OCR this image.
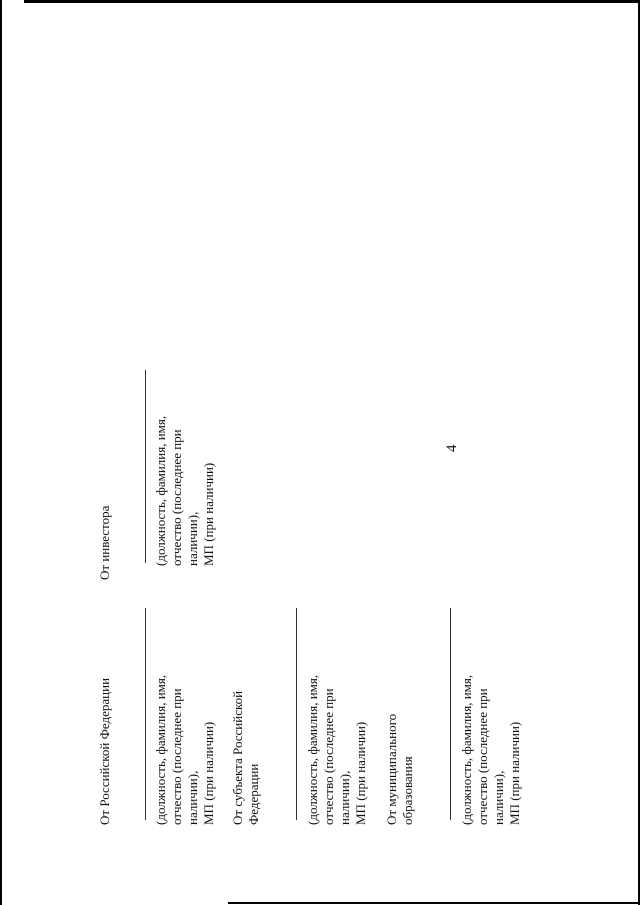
4
От инвестора	(должность, фамилия, имя,
отчество (последнее при
наличии),
МП (при наличии)
От Российской Федерации	(должность, фамилия, имя,
отчество (последнее при
наличии),
МП (при наличии)
От субъекта Российской
Федерации	(должность, фамилия, имя,
отчество (последнее при
наличии),
МП (при наличии)
От муниципального
образования	(должность, фамилия, имя,
отчество (последнее при
наличии),
МП (при наличии)
